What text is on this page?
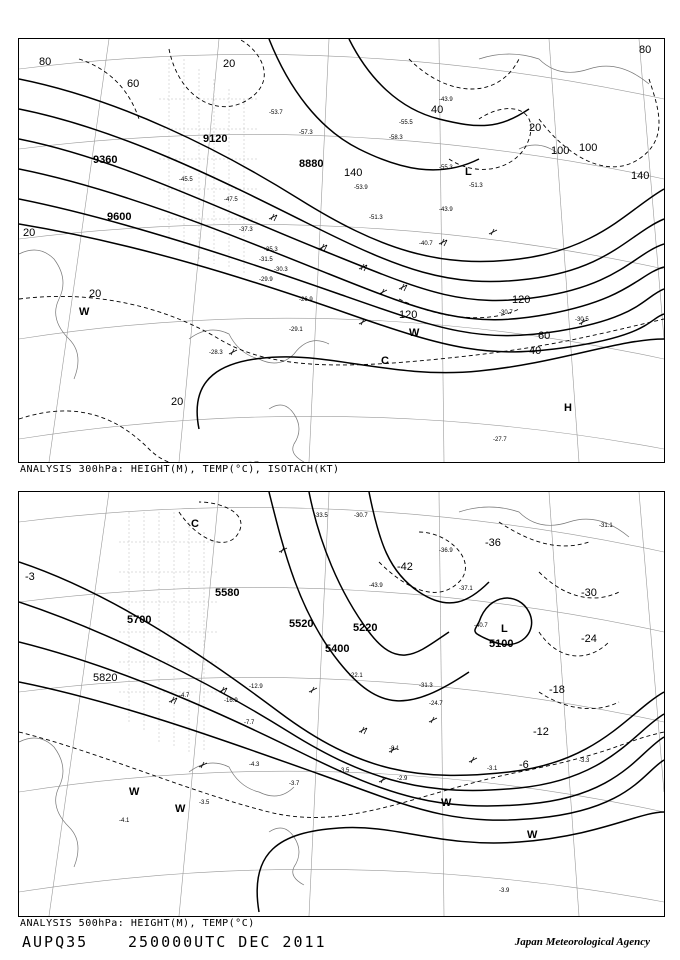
9120
9360
9600
8880
80
60
20
40
100
140
120
20
40
60
80
100
120
140
20
20
20
-53.7
-57.3
-55.5
-53.9
-51.3
-45.5
-47.5
-37.3
-35.3
-31.5
-30.3
-29.9
-26.9
-29.1
-28.3
-30.7
-30.5
-27.7
-40.7
-43.9
-58.3
-55.3
-51.3
-43.9
L
H
C
W
W
ANALYSIS 300hPa: HEIGHT(M), TEMP(°C), ISOTACH(KT)
5700	5520
5580
5820
5220
5100
5400
-42
-36
-30
-24
-18
-12
-6
-3
-33.5	-30.7
-31.1
-36.9
-40.7
-43.9	-37.1
-31.3
-24.7
-22.1
-16.9
-12.9
-7.7
-4.7
-4.1
-3.5	-3.1
-2.9
-8.1
-3.3
-3.9
-4.3
-3.7
-3.5
C
L
W
W	W
W
ANALYSIS 500hPa: HEIGHT(M), TEMP(°C)
AUPQ35	250000UTC DEC 2011	Japan Meteorological Agency
